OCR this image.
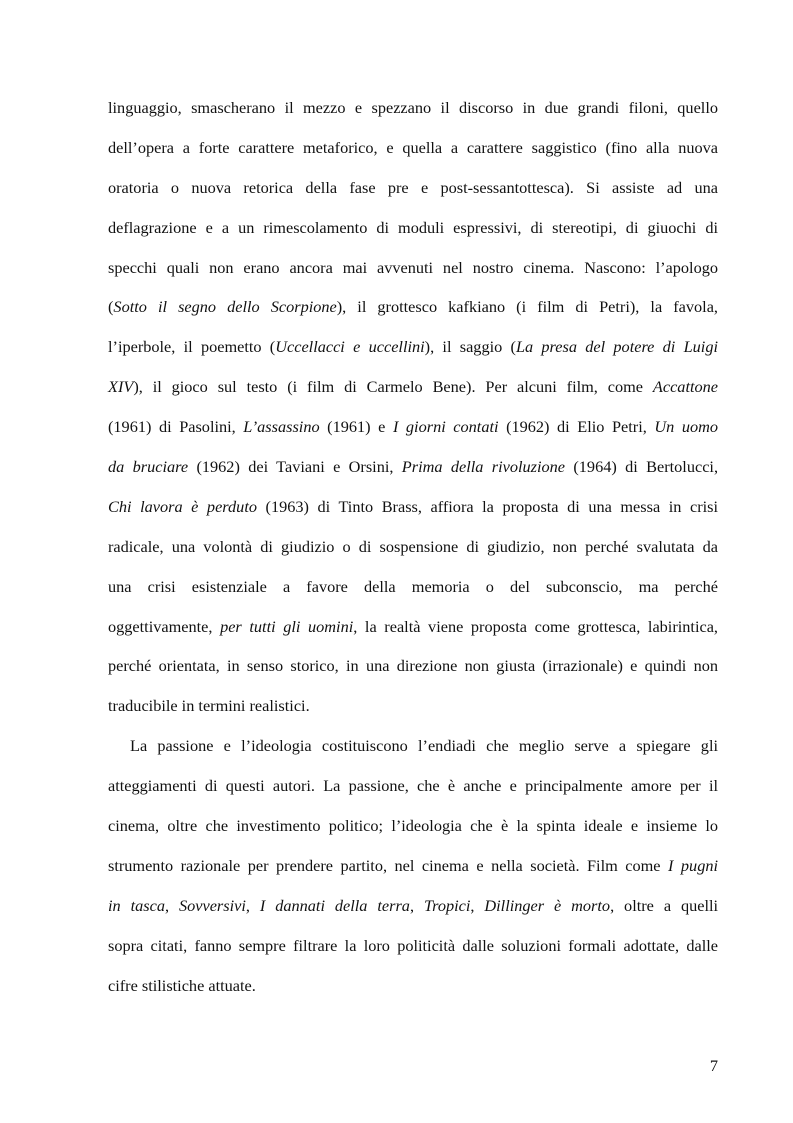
linguaggio, smascherano il mezzo e spezzano il discorso in due grandi filoni, quello
dell’opera a forte carattere metaforico, e quella a carattere saggistico (fino alla nuova
oratoria o nuova retorica della fase pre e post-sessantottesca). Si assiste ad una
deflagrazione e a un rimescolamento di moduli espressivi, di stereotipi, di giuochi di
specchi quali non erano ancora mai avvenuti nel nostro cinema. Nascono: l’apologo
(Sotto il segno dello Scorpione), il grottesco kafkiano (i film di Petri), la favola,
l’iperbole, il poemetto (Uccellacci e uccellini), il saggio (La presa del potere di Luigi
XIV), il gioco sul testo (i film di Carmelo Bene). Per alcuni film, come Accattone
(1961) di Pasolini, L’assassino (1961) e I giorni contati (1962) di Elio Petri, Un uomo
da bruciare (1962) dei Taviani e Orsini, Prima della rivoluzione (1964) di Bertolucci,
Chi lavora è perduto (1963) di Tinto Brass, affiora la proposta di una messa in crisi
radicale, una volontà di giudizio o di sospensione di giudizio, non perché svalutata da
una crisi esistenziale a favore della memoria o del subconscio, ma perché
oggettivamente, per tutti gli uomini, la realtà viene proposta come grottesca, labirintica,
perché orientata, in senso storico, in una direzione non giusta (irrazionale) e quindi non
traducibile in termini realistici.
La passione e l’ideologia costituiscono l’endiadi che meglio serve a spiegare gli
atteggiamenti di questi autori. La passione, che è anche e principalmente amore per il
cinema, oltre che investimento politico; l’ideologia che è la spinta ideale e insieme lo
strumento razionale per prendere partito, nel cinema e nella società. Film come I pugni
in tasca, Sovversivi, I dannati della terra, Tropici, Dillinger è morto, oltre a quelli
sopra citati, fanno sempre filtrare la loro politicità dalle soluzioni formali adottate, dalle
cifre stilistiche attuate.
7
